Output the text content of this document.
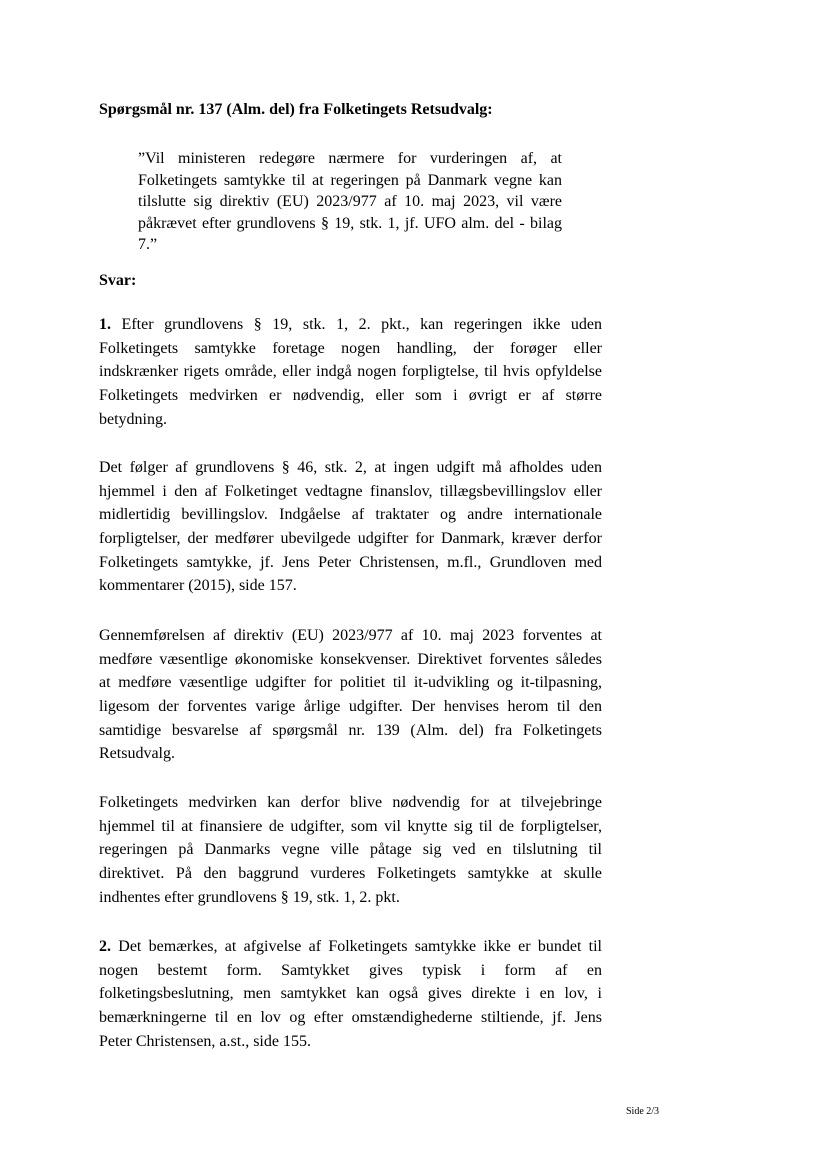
Spørgsmål nr. 137 (Alm. del) fra Folketingets Retsudvalg:
”Vil ministeren redegøre nærmere for vurderingen af, at
Folketingets samtykke til at regeringen på Danmark vegne kan
tilslutte sig direktiv (EU) 2023/977 af 10. maj 2023, vil være
påkrævet efter grundlovens § 19, stk. 1, jf. UFO alm. del - bilag
7.”
Svar:
1. Efter grundlovens § 19, stk. 1, 2. pkt., kan regeringen ikke uden
Folketingets samtykke foretage nogen handling, der forøger eller
indskrænker rigets område, eller indgå nogen forpligtelse, til hvis opfyldelse
Folketingets medvirken er nødvendig, eller som i øvrigt er af større
betydning.
Det følger af grundlovens § 46, stk. 2, at ingen udgift må afholdes uden
hjemmel i den af Folketinget vedtagne finanslov, tillægsbevillingslov eller
midlertidig bevillingslov. Indgåelse af traktater og andre internationale
forpligtelser, der medfører ubevilgede udgifter for Danmark, kræver derfor
Folketingets samtykke, jf. Jens Peter Christensen, m.fl., Grundloven med
kommentarer (2015), side 157.
Gennemførelsen af direktiv (EU) 2023/977 af 10. maj 2023 forventes at
medføre væsentlige økonomiske konsekvenser. Direktivet forventes således
at medføre væsentlige udgifter for politiet til it-udvikling og it-tilpasning,
ligesom der forventes varige årlige udgifter. Der henvises herom til den
samtidige besvarelse af spørgsmål nr. 139 (Alm. del) fra Folketingets
Retsudvalg.
Folketingets medvirken kan derfor blive nødvendig for at tilvejebringe
hjemmel til at finansiere de udgifter, som vil knytte sig til de forpligtelser,
regeringen på Danmarks vegne ville påtage sig ved en tilslutning til
direktivet. På den baggrund vurderes Folketingets samtykke at skulle
indhentes efter grundlovens § 19, stk. 1, 2. pkt.
2. Det bemærkes, at afgivelse af Folketingets samtykke ikke er bundet til
nogen bestemt form. Samtykket gives typisk i form af en
folketingsbeslutning, men samtykket kan også gives direkte i en lov, i
bemærkningerne til en lov og efter omstændighederne stiltiende, jf. Jens
Peter Christensen, a.st., side 155.
Side 2/3
